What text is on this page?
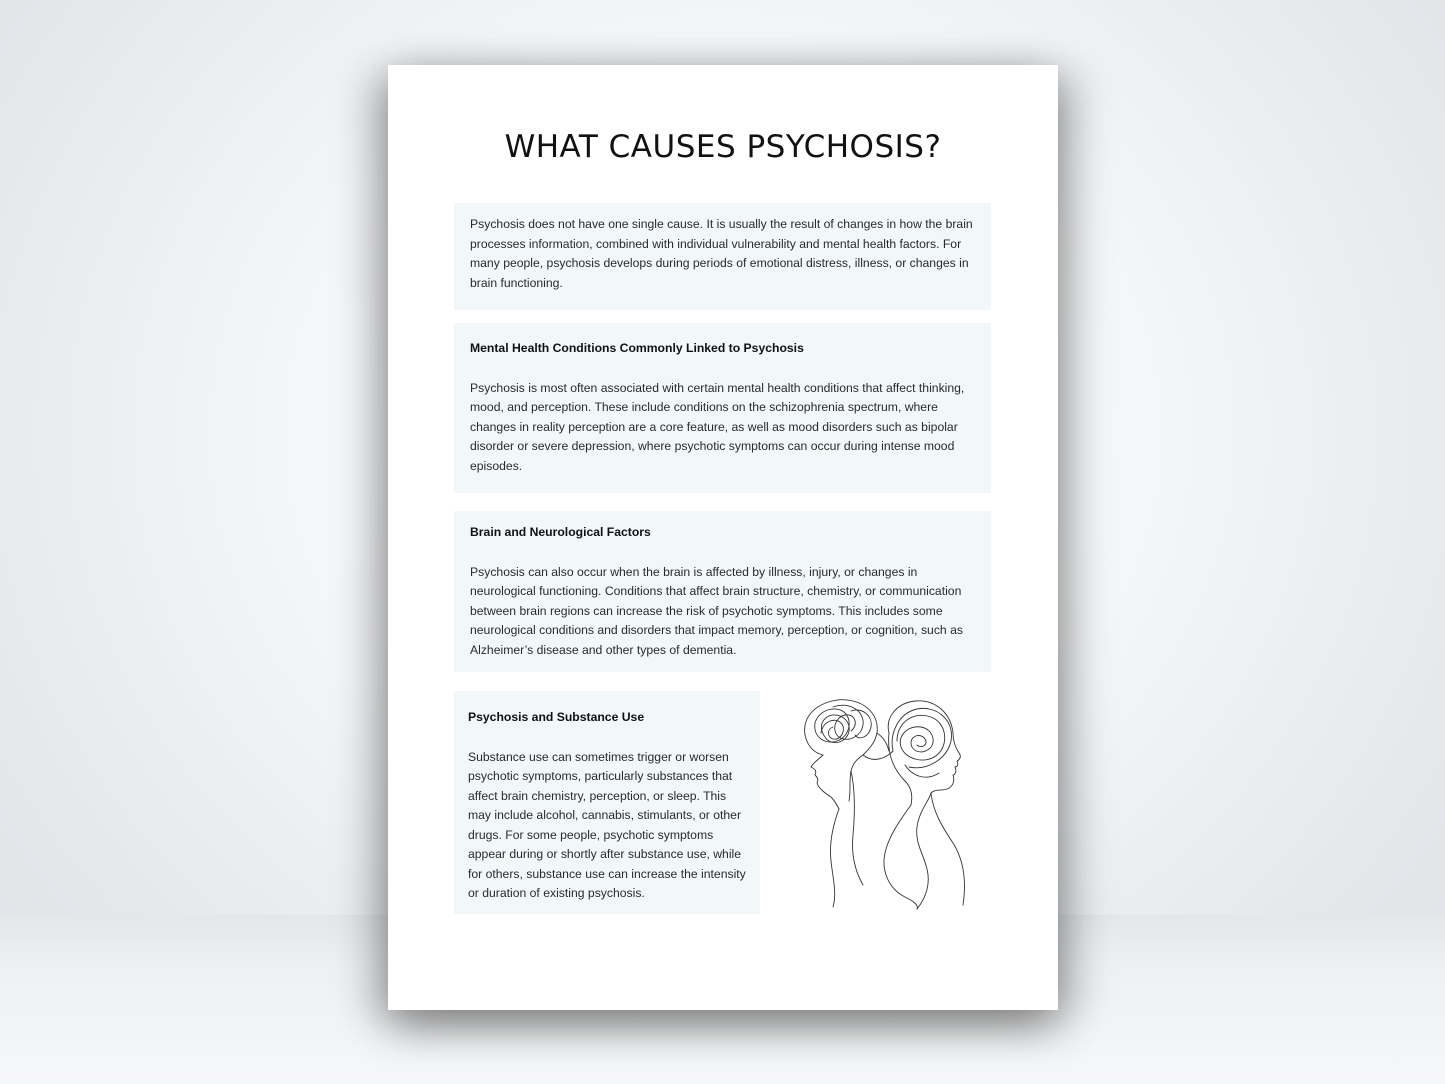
WHAT CAUSES PSYCHOSIS?

Psychosis does not have one single cause. It is usually the result of changes in how the brain processes information, combined with individual vulnerability and mental health factors. For many people, psychosis develops during periods of emotional distress, illness, or changes in brain functioning.

Mental Health Conditions Commonly Linked to Psychosis

Psychosis is most often associated with certain mental health conditions that affect thinking, mood, and perception. These include conditions on the schizophrenia spectrum, where changes in reality perception are a core feature, as well as mood disorders such as bipolar disorder or severe depression, where psychotic symptoms can occur during intense mood episodes.

Brain and Neurological Factors

Psychosis can also occur when the brain is affected by illness, injury, or changes in neurological functioning. Conditions that affect brain structure, chemistry, or communication between brain regions can increase the risk of psychotic symptoms. This includes some neurological conditions and disorders that impact memory, perception, or cognition, such as Alzheimer’s disease and other types of dementia.

Psychosis and Substance Use

Substance use can sometimes trigger or worsen psychotic symptoms, particularly substances that affect brain chemistry, perception, or sleep. This may include alcohol, cannabis, stimulants, or other drugs. For some people, psychotic symptoms appear during or shortly after substance use, while for others, substance use can increase the intensity or duration of existing psychosis.
